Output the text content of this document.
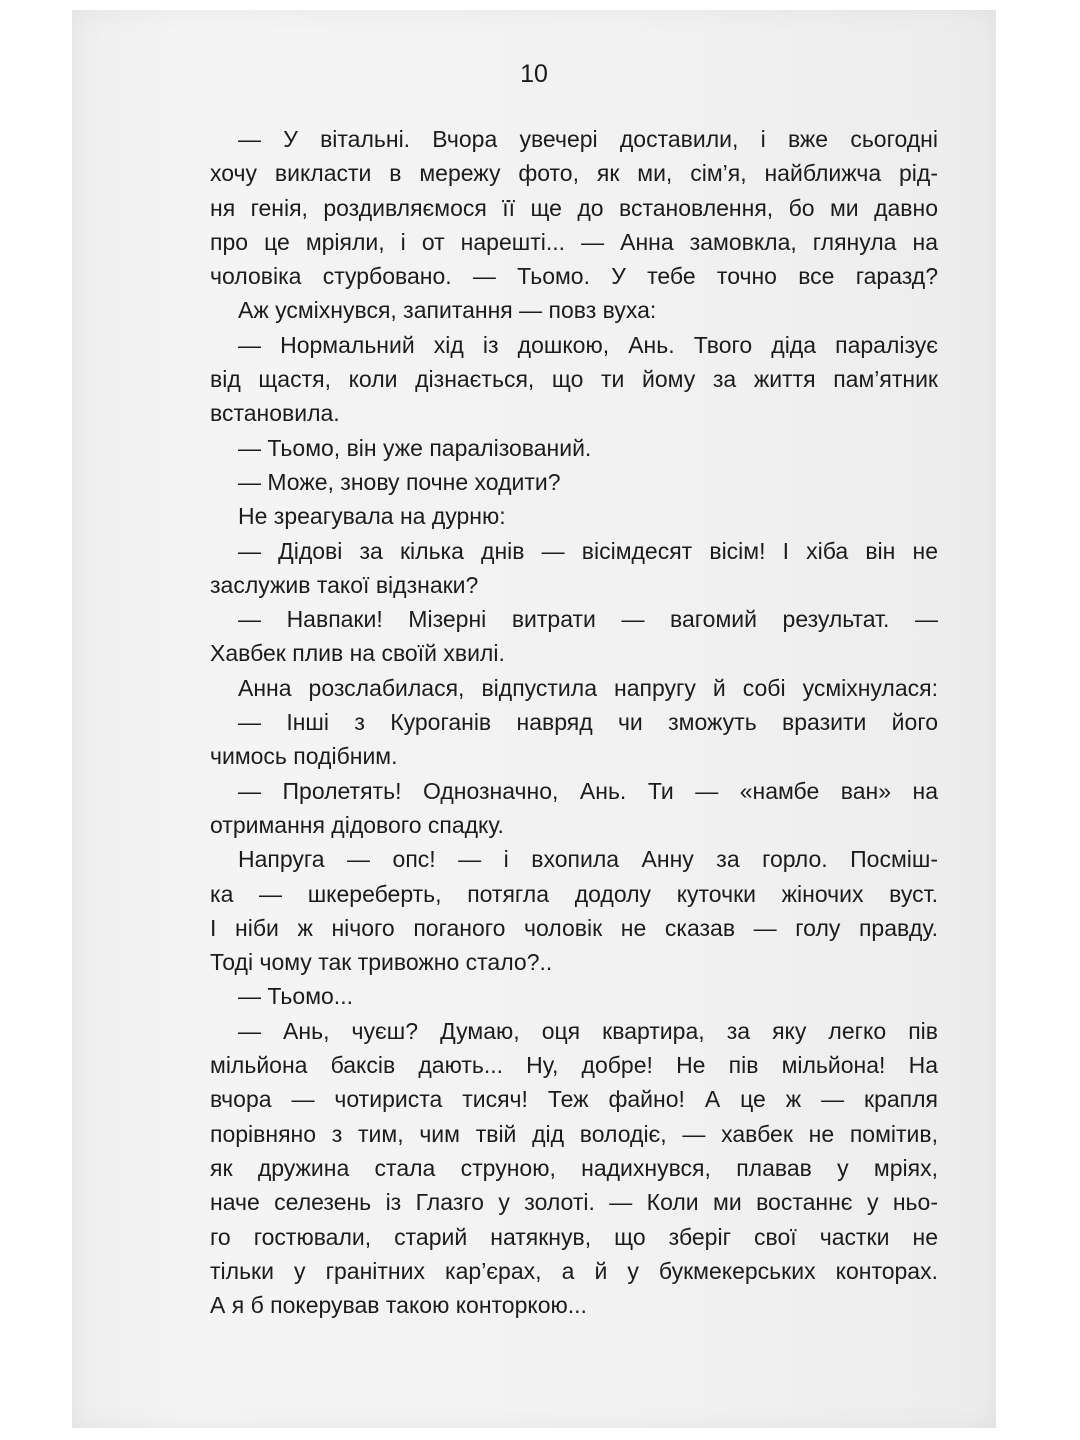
10
— У вітальні. Вчора увечері доставили, і вже сьогодні
хочу викласти в мережу фото, як ми, сім’я, найближча рід-
ня генія, роздивляємося її ще до встановлення, бо ми давно
про це мріяли, і от нарешті... — Анна замовкла, глянула на
чоловіка стурбовано. — Тьомо. У тебе точно все гаразд?
Аж усміхнувся, запитання — повз вуха:
— Нормальний хід із дошкою, Ань. Твого діда паралізує
від щастя, коли дізнається, що ти йому за життя пам’ятник
встановила.
— Тьомо, він уже паралізований.
— Може, знову почне ходити?
Не зреагувала на дурню:
— Дідові за кілька днів — вісімдесят вісім! І хіба він не
заслужив такої відзнаки?
— Навпаки! Мізерні витрати — вагомий результат. —
Хавбек плив на своїй хвилі.
Анна розслабилася, відпустила напругу й собі усміхнулася:
— Інші з Куроганів навряд чи зможуть вразити його
чимось подібним.
— Пролетять! Однозначно, Ань. Ти — «намбе ван» на
отримання дідового спадку.
Напруга — опс! — і вхопила Анну за горло. Посміш-
ка — шкереберть, потягла додолу куточки жіночих вуст.
І ніби ж нічого поганого чоловік не сказав — голу правду.
Тоді чому так тривожно стало?..
— Тьомо...
— Ань, чуєш? Думаю, оця квартира, за яку легко пів
мільйона баксів дають... Ну, добре! Не пів мільйона! На
вчора — чотириста тисяч! Теж файно! А це ж — крапля
порівняно з тим, чим твій дід володіє, — хавбек не помітив,
як дружина стала струною, надихнувся, плавав у мріях,
наче селезень із Глазго у золоті. — Коли ми востаннє у ньо-
го гостювали, старий натякнув, що зберіг свої частки не
тільки у гранітних кар’єрах, а й у букмекерських конторах.
А я б покерував такою конторкою...
